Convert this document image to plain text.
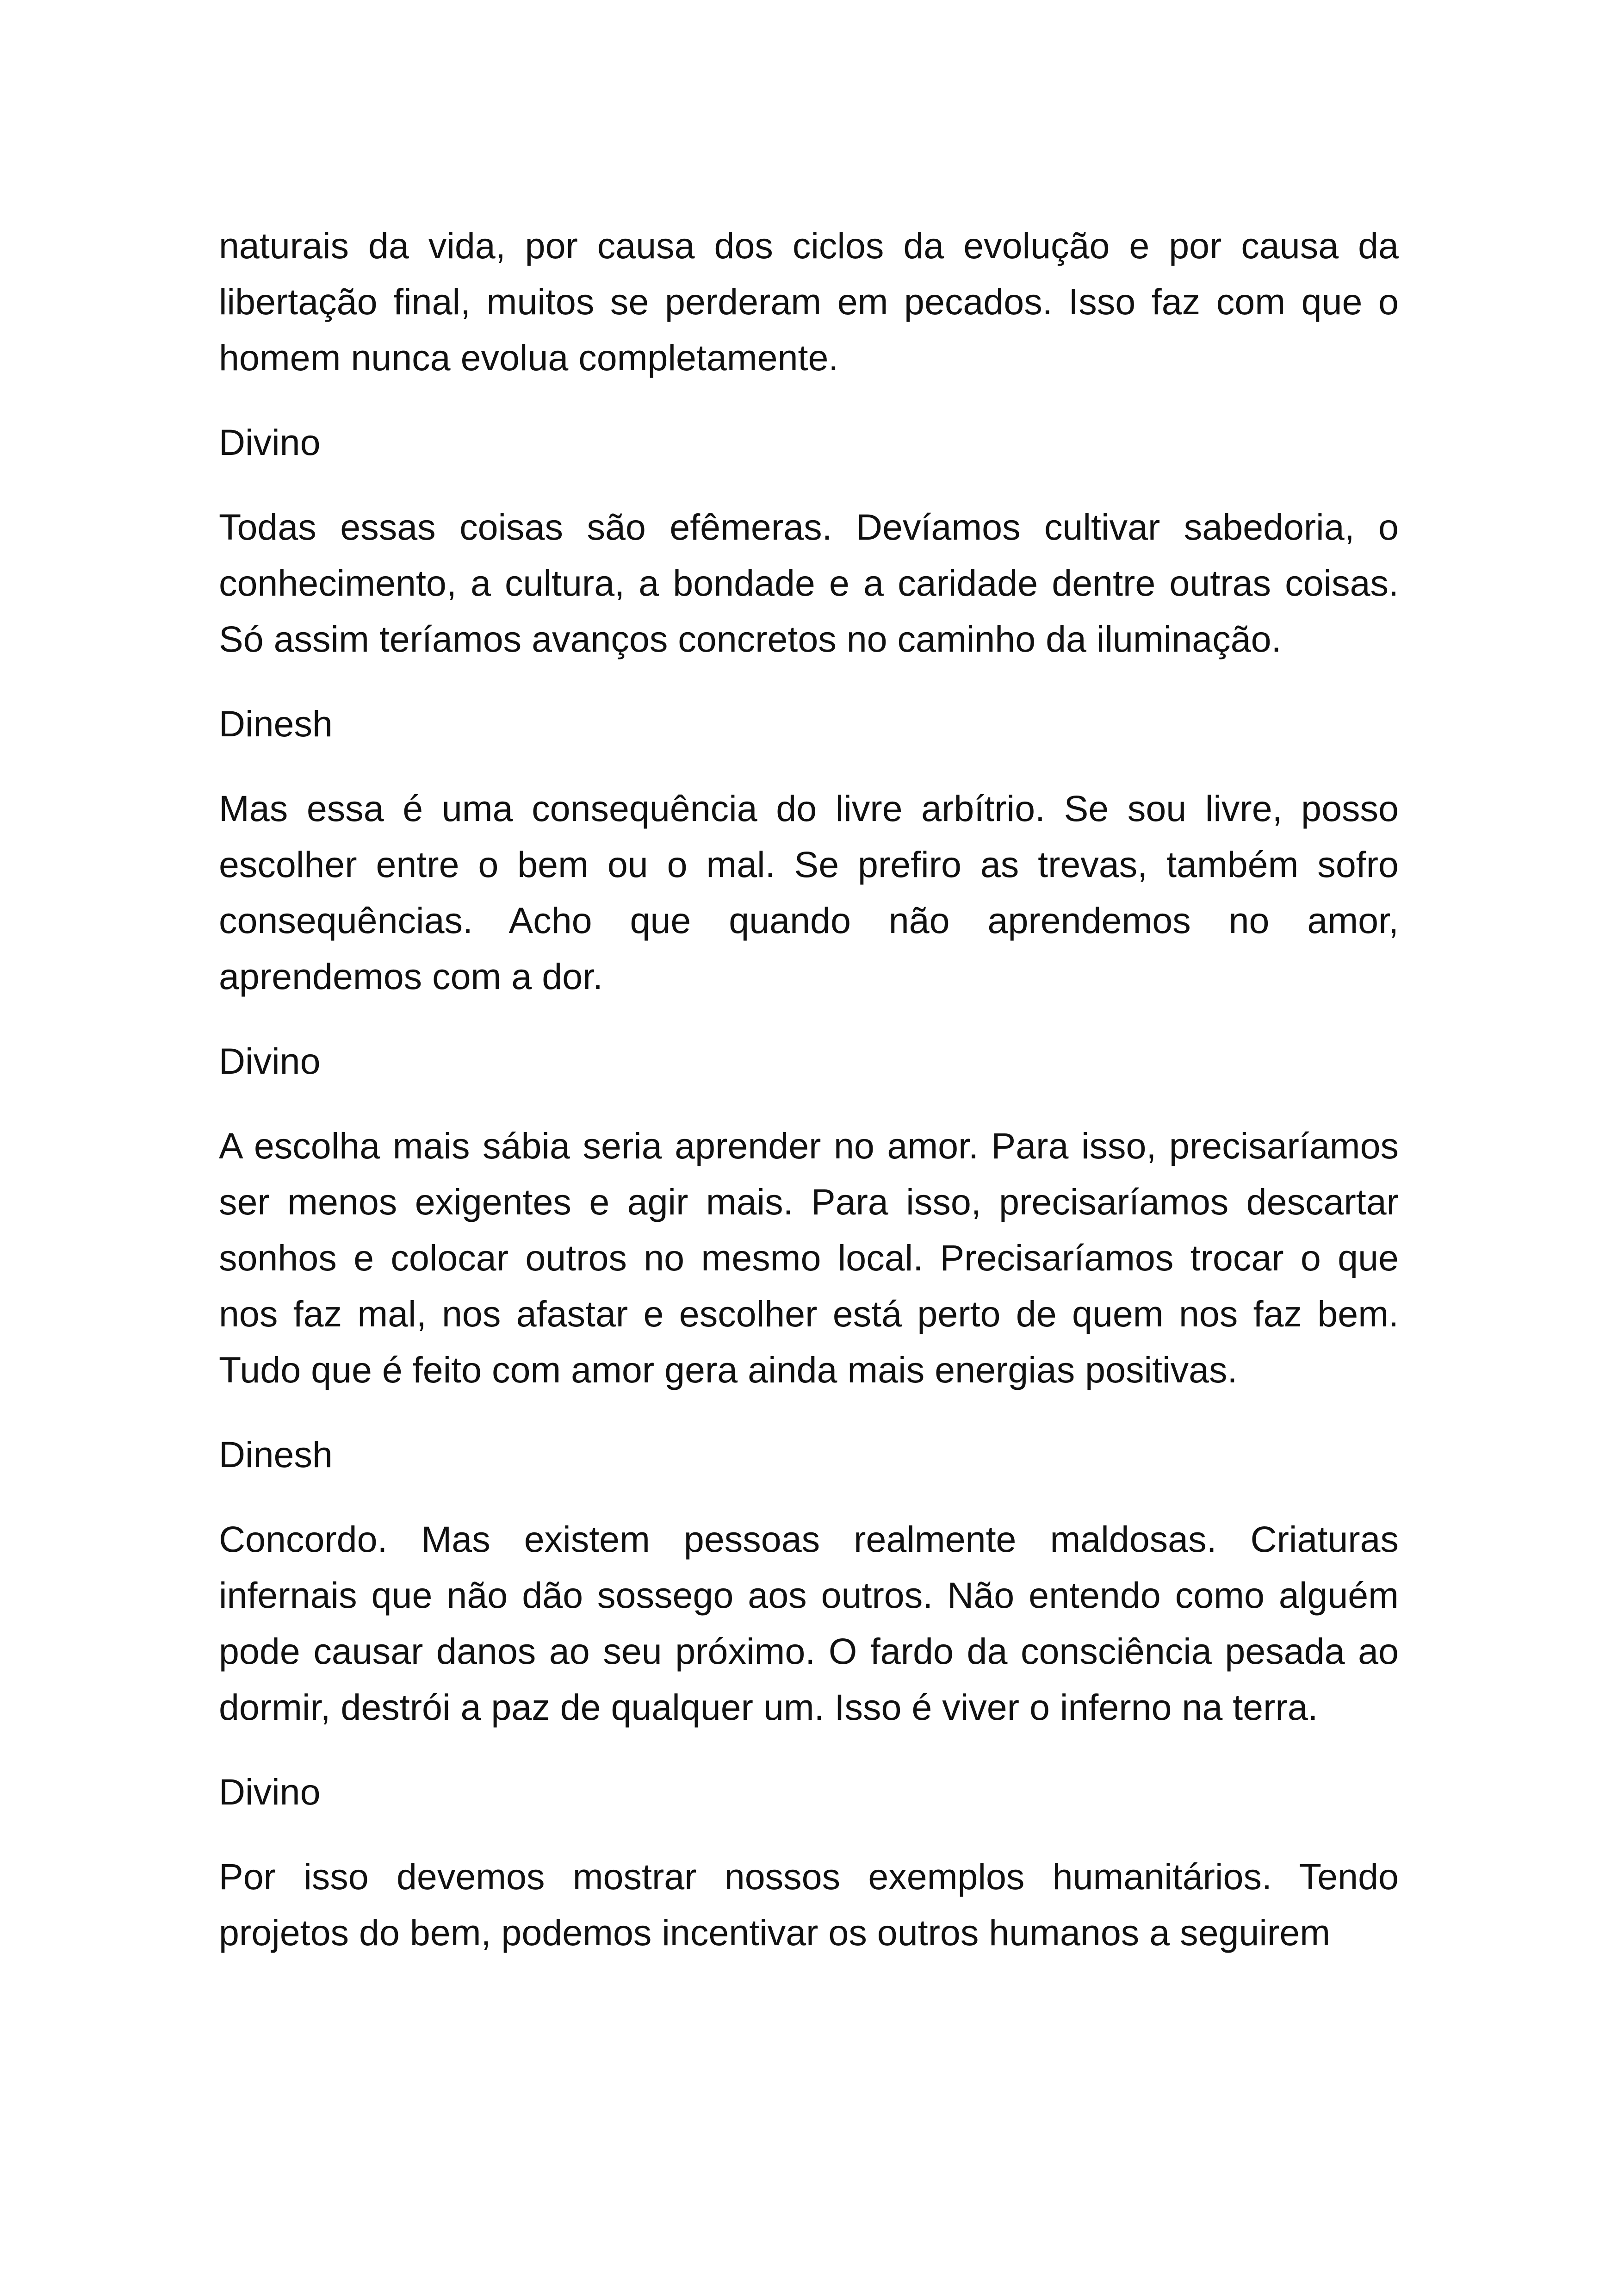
naturais da vida, por causa dos ciclos da evolução e por causa da libertação final, muitos se perderam em pecados. Isso faz com que o homem nunca evolua completamente.

Divino

Todas essas coisas são efêmeras. Devíamos cultivar sabedoria, o conhecimento, a cultura, a bondade e a caridade dentre outras coisas. Só assim teríamos avanços concretos no caminho da iluminação.

Dinesh

Mas essa é uma consequência do livre arbítrio. Se sou livre, posso escolher entre o bem ou o mal. Se prefiro as trevas, também sofro consequências. Acho que quando não aprendemos no amor, aprendemos com a dor.

Divino

A escolha mais sábia seria aprender no amor. Para isso, precisaríamos ser menos exigentes e agir mais. Para isso, precisaríamos descartar sonhos e colocar outros no mesmo local. Precisaríamos trocar o que nos faz mal, nos afastar e escolher está perto de quem nos faz bem. Tudo que é feito com amor gera ainda mais energias positivas.

Dinesh

Concordo. Mas existem pessoas realmente maldosas. Criaturas infernais que não dão sossego aos outros. Não entendo como alguém pode causar danos ao seu próximo. O fardo da consciência pesada ao dormir, destrói a paz de qualquer um. Isso é viver o inferno na terra.

Divino

Por isso devemos mostrar nossos exemplos humanitários. Tendo projetos do bem, podemos incentivar os outros humanos a seguirem
